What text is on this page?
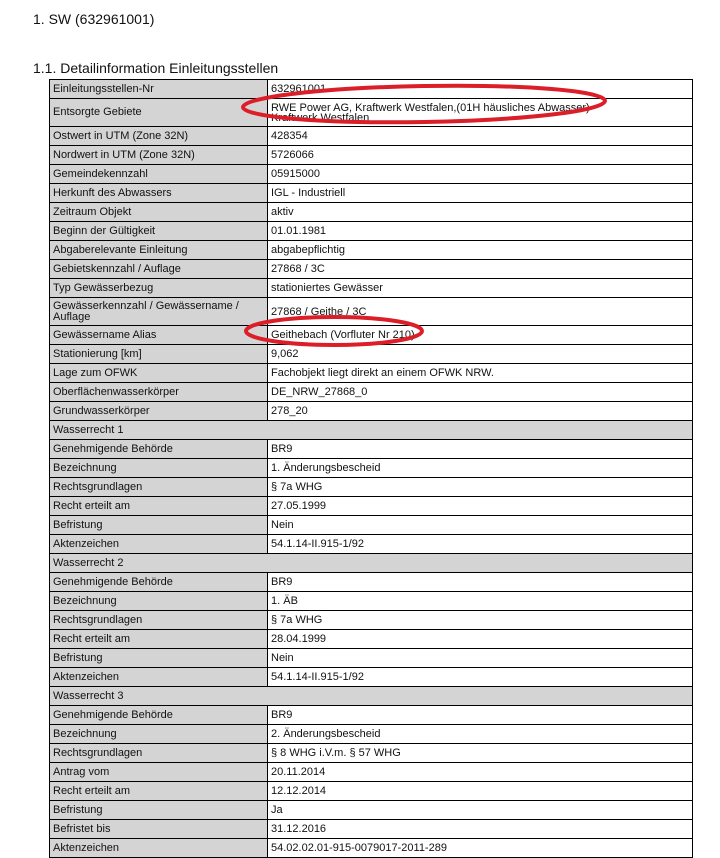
1. SW (632961001)
1.1. Detailinformation Einleitungsstellen
Einleitungsstellen-Nr	632961001
Entsorgte Gebiete	RWE Power AG, Kraftwerk Westfalen,(01H häusliches Abwasser)
Kraftwerk Westfalen
Ostwert in UTM (Zone 32N)	428354
Nordwert in UTM (Zone 32N)	5726066
Gemeindekennzahl	05915000
Herkunft des Abwassers	IGL - Industriell
Zeitraum Objekt	aktiv
Beginn der Gültigkeit	01.01.1981
Abgaberelevante Einleitung	abgabepflichtig
Gebietskennzahl / Auflage	27868 / 3C
Typ Gewässerbezug	stationiertes Gewässer
Gewässerkennzahl / Gewässername / Auflage	27868 / Geithe / 3C
Gewässername Alias	Geithebach (Vorfluter Nr 210)
Stationierung [km]	9,062
Lage zum OFWK	Fachobjekt liegt direkt an einem OFWK NRW.
Oberflächenwasserkörper	DE_NRW_27868_0
Grundwasserkörper	278_20
Wasserrecht 1	
Genehmigende Behörde	BR9
Bezeichnung	1. Änderungsbescheid
Rechtsgrundlagen	§ 7a WHG
Recht erteilt am	27.05.1999
Befristung	Nein
Aktenzeichen	54.1.14-II.915-1/92
Wasserrecht 2	
Genehmigende Behörde	BR9
Bezeichnung	1. ÄB
Rechtsgrundlagen	§ 7a WHG
Recht erteilt am	28.04.1999
Befristung	Nein
Aktenzeichen	54.1.14-II.915-1/92
Wasserrecht 3	
Genehmigende Behörde	BR9
Bezeichnung	2. Änderungsbescheid
Rechtsgrundlagen	§ 8 WHG i.V.m. § 57 WHG
Antrag vom	20.11.2014
Recht erteilt am	12.12.2014
Befristung	Ja
Befristet bis	31.12.2016
Aktenzeichen	54.02.02.01-915-0079017-2011-289
